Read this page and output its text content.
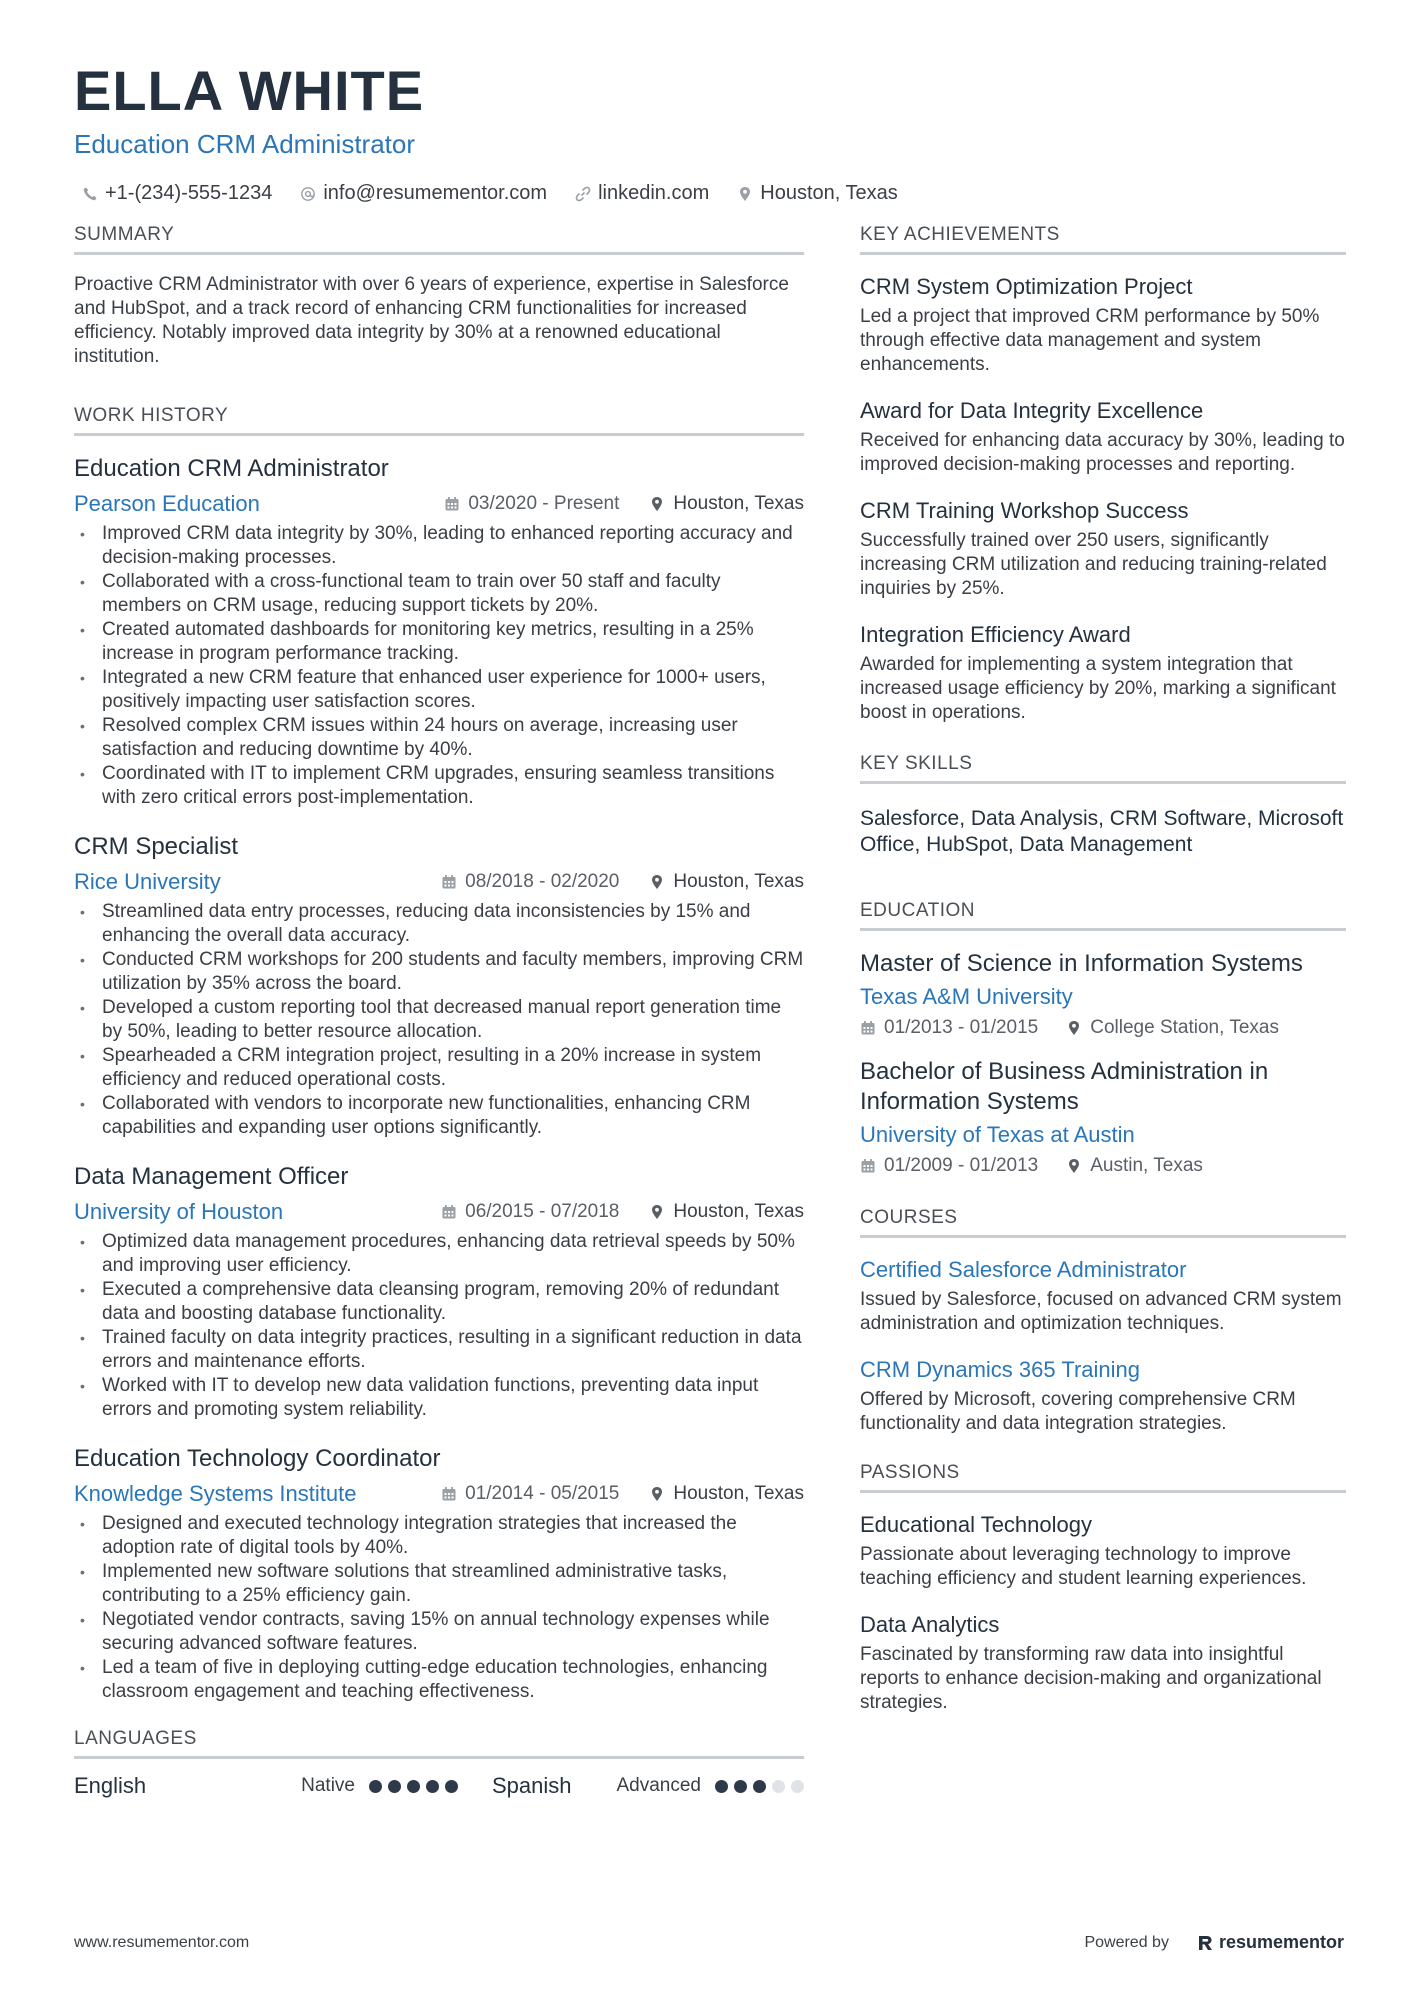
ELLA WHITE
Education CRM Administrator
+1-(234)-555-1234	info@resumementor.com	linkedin.com	Houston, Texas
SUMMARY
Proactive CRM Administrator with over 6 years of experience, expertise in Salesforce and HubSpot, and a track record of enhancing CRM functionalities for increased efficiency. Notably improved data integrity by 30% at a renowned educational institution.
WORK HISTORY
Education CRM Administrator
Pearson Education	03/2020 - Present	Houston, Texas
• Improved CRM data integrity by 30%, leading to enhanced reporting accuracy and decision-making processes.
• Collaborated with a cross-functional team to train over 50 staff and faculty members on CRM usage, reducing support tickets by 20%.
• Created automated dashboards for monitoring key metrics, resulting in a 25% increase in program performance tracking.
• Integrated a new CRM feature that enhanced user experience for 1000+ users, positively impacting user satisfaction scores.
• Resolved complex CRM issues within 24 hours on average, increasing user satisfaction and reducing downtime by 40%.
• Coordinated with IT to implement CRM upgrades, ensuring seamless transitions with zero critical errors post-implementation.
CRM Specialist
Rice University	08/2018 - 02/2020	Houston, Texas
• Streamlined data entry processes, reducing data inconsistencies by 15% and enhancing the overall data accuracy.
• Conducted CRM workshops for 200 students and faculty members, improving CRM utilization by 35% across the board.
• Developed a custom reporting tool that decreased manual report generation time by 50%, leading to better resource allocation.
• Spearheaded a CRM integration project, resulting in a 20% increase in system efficiency and reduced operational costs.
• Collaborated with vendors to incorporate new functionalities, enhancing CRM capabilities and expanding user options significantly.
Data Management Officer
University of Houston	06/2015 - 07/2018	Houston, Texas
• Optimized data management procedures, enhancing data retrieval speeds by 50% and improving user efficiency.
• Executed a comprehensive data cleansing program, removing 20% of redundant data and boosting database functionality.
• Trained faculty on data integrity practices, resulting in a significant reduction in data errors and maintenance efforts.
• Worked with IT to develop new data validation functions, preventing data input errors and promoting system reliability.
Education Technology Coordinator
Knowledge Systems Institute	01/2014 - 05/2015	Houston, Texas
• Designed and executed technology integration strategies that increased the adoption rate of digital tools by 40%.
• Implemented new software solutions that streamlined administrative tasks, contributing to a 25% efficiency gain.
• Negotiated vendor contracts, saving 15% on annual technology expenses while securing advanced software features.
• Led a team of five in deploying cutting-edge education technologies, enhancing classroom engagement and teaching effectiveness.
LANGUAGES
English	Native	Spanish	Advanced
KEY ACHIEVEMENTS
CRM System Optimization Project
Led a project that improved CRM performance by 50% through effective data management and system enhancements.
Award for Data Integrity Excellence
Received for enhancing data accuracy by 30%, leading to improved decision-making processes and reporting.
CRM Training Workshop Success
Successfully trained over 250 users, significantly increasing CRM utilization and reducing training-related inquiries by 25%.
Integration Efficiency Award
Awarded for implementing a system integration that increased usage efficiency by 20%, marking a significant boost in operations.
KEY SKILLS
Salesforce, Data Analysis, CRM Software, Microsoft Office, HubSpot, Data Management
EDUCATION
Master of Science in Information Systems
Texas A&M University
01/2013 - 01/2015	College Station, Texas
Bachelor of Business Administration in Information Systems
University of Texas at Austin
01/2009 - 01/2013	Austin, Texas
COURSES
Certified Salesforce Administrator
Issued by Salesforce, focused on advanced CRM system administration and optimization techniques.
CRM Dynamics 365 Training
Offered by Microsoft, covering comprehensive CRM functionality and data integration strategies.
PASSIONS
Educational Technology
Passionate about leveraging technology to improve teaching efficiency and student learning experiences.
Data Analytics
Fascinated by transforming raw data into insightful reports to enhance decision-making and organizational strategies.
www.resumementor.com	Powered by	resumementor
